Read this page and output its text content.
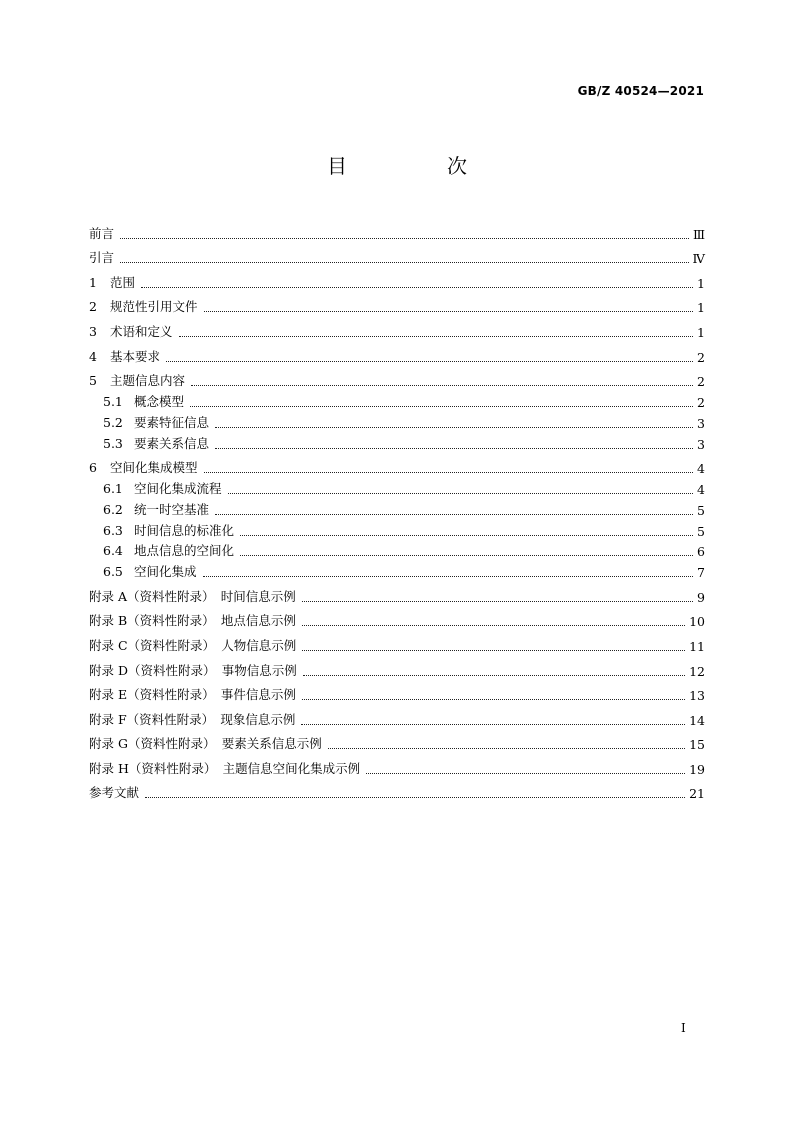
GB/Z 40524—2021
目　次
前言	Ⅲ
引言	Ⅳ
1 范围	1
2 规范性引用文件	1
3 术语和定义	1
4 基本要求	2
5 主题信息内容	2
5.1 概念模型	2
5.2 要素特征信息	3
5.3 要素关系信息	3
6 空间化集成模型	4
6.1 空间化集成流程	4
6.2 统一时空基准	5
6.3 时间信息的标准化	5
6.4 地点信息的空间化	6
6.5 空间化集成	7
附录 A（资料性附录）　时间信息示例	9
附录 B（资料性附录）　地点信息示例	10
附录 C（资料性附录）　人物信息示例	11
附录 D（资料性附录）　事物信息示例	12
附录 E（资料性附录）　事件信息示例	13
附录 F（资料性附录）　现象信息示例	14
附录 G（资料性附录）　要素关系信息示例	15
附录 H（资料性附录）　主题信息空间化集成示例	19
参考文献	21
I
